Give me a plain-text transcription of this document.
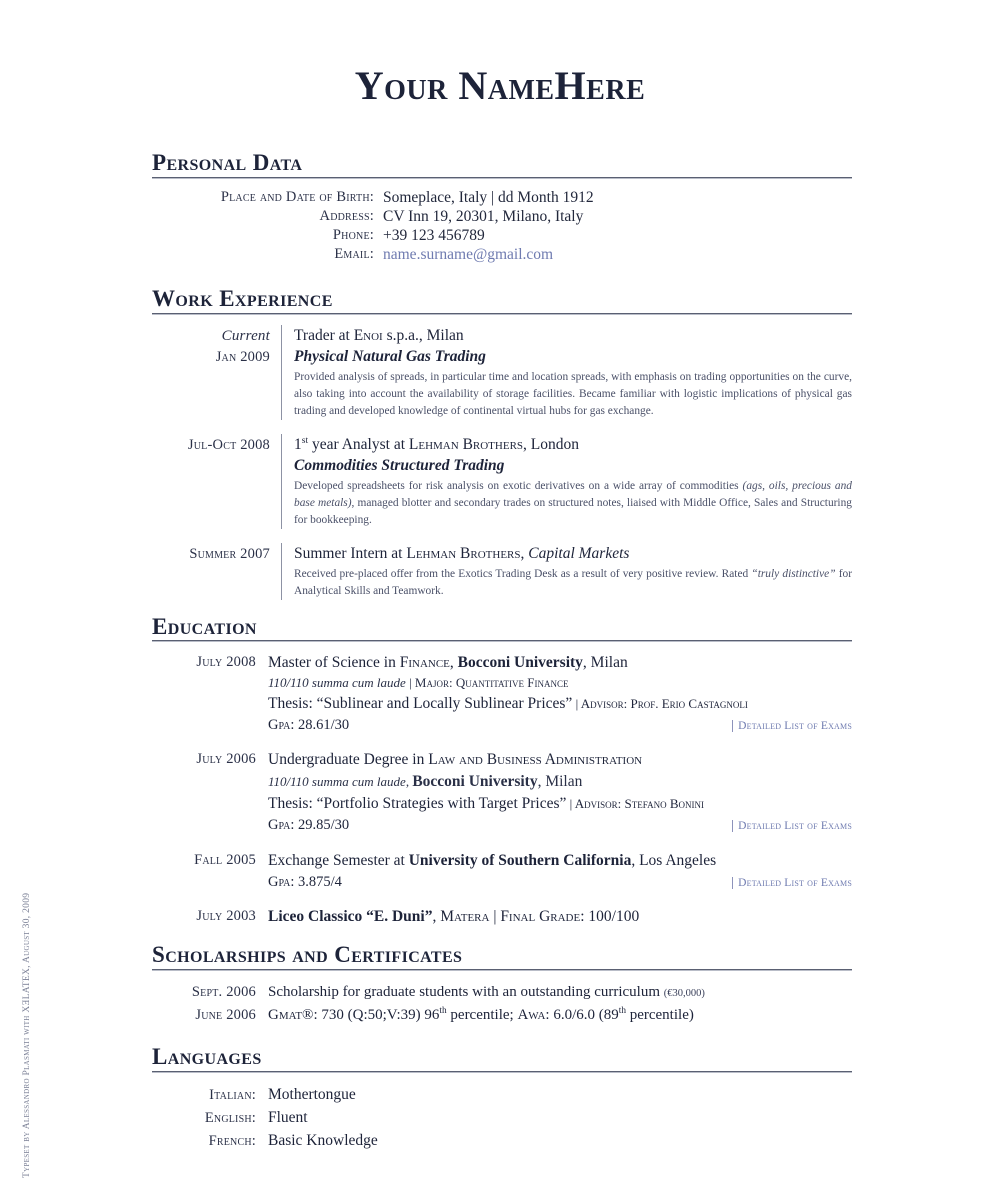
Typeset by Alessandro Plasmati with XƎLATEX, August 30, 2009
Your NameHere
Personal Data
Place and Date of Birth: Someplace, Italy | dd Month 1912
Address: CV Inn 19, 20301, Milano, Italy
Phone: +39 123 456789
Email: name.surname@gmail.com
Work Experience
Current
Jan 2009
Trader at Enoi s.p.a., Milan
Physical Natural Gas Trading
Provided analysis of spreads, in particular time and location spreads, with emphasis on trading opportunities on the curve, also taking into account the availability of storage facilities. Became familiar with logistic implications of physical gas trading and developed knowledge of continental virtual hubs for gas exchange.
Jul-Oct 2008 1st year Analyst at Lehman Brothers, London
Commodities Structured Trading
Developed spreadsheets for risk analysis on exotic derivatives on a wide array of commodities (ags, oils, precious and base metals), managed blotter and secondary trades on structured notes, liaised with Middle Office, Sales and Structuring for bookkeeping.
Summer 2007 Summer Intern at Lehman Brothers, Capital Markets
Received pre-placed offer from the Exotics Trading Desk as a result of very positive review. Rated “truly distinctive” for Analytical Skills and Teamwork.
Education
July 2008 Master of Science in Finance, Bocconi University, Milan
110/110 summa cum laude | Major: Quantitative Finance
Thesis: “Sublinear and Locally Sublinear Prices” | Advisor: Prof. Erio Castagnoli
Gpa: 28.61/30	Detailed List of Exams
July 2006 Undergraduate Degree in Law and Business Administration
110/110 summa cum laude, Bocconi University, Milan
Thesis: “Portfolio Strategies with Target Prices” | Advisor: Stefano Bonini
Gpa: 29.85/30	Detailed List of Exams
Fall 2005 Exchange Semester at University of Southern California, Los Angeles
Gpa: 3.875/4	Detailed List of Exams
July 2003 Liceo Classico “E. Duni”, Matera | Final Grade: 100/100
Scholarships and Certificates
Sept. 2006 Scholarship for graduate students with an outstanding curriculum (€30,000)
June 2006 Gmat®: 730 (Q:50;V:39) 96th percentile; Awa: 6.0/6.0 (89th percentile)
Languages
Italian: Mothertongue
English: Fluent
French: Basic Knowledge
